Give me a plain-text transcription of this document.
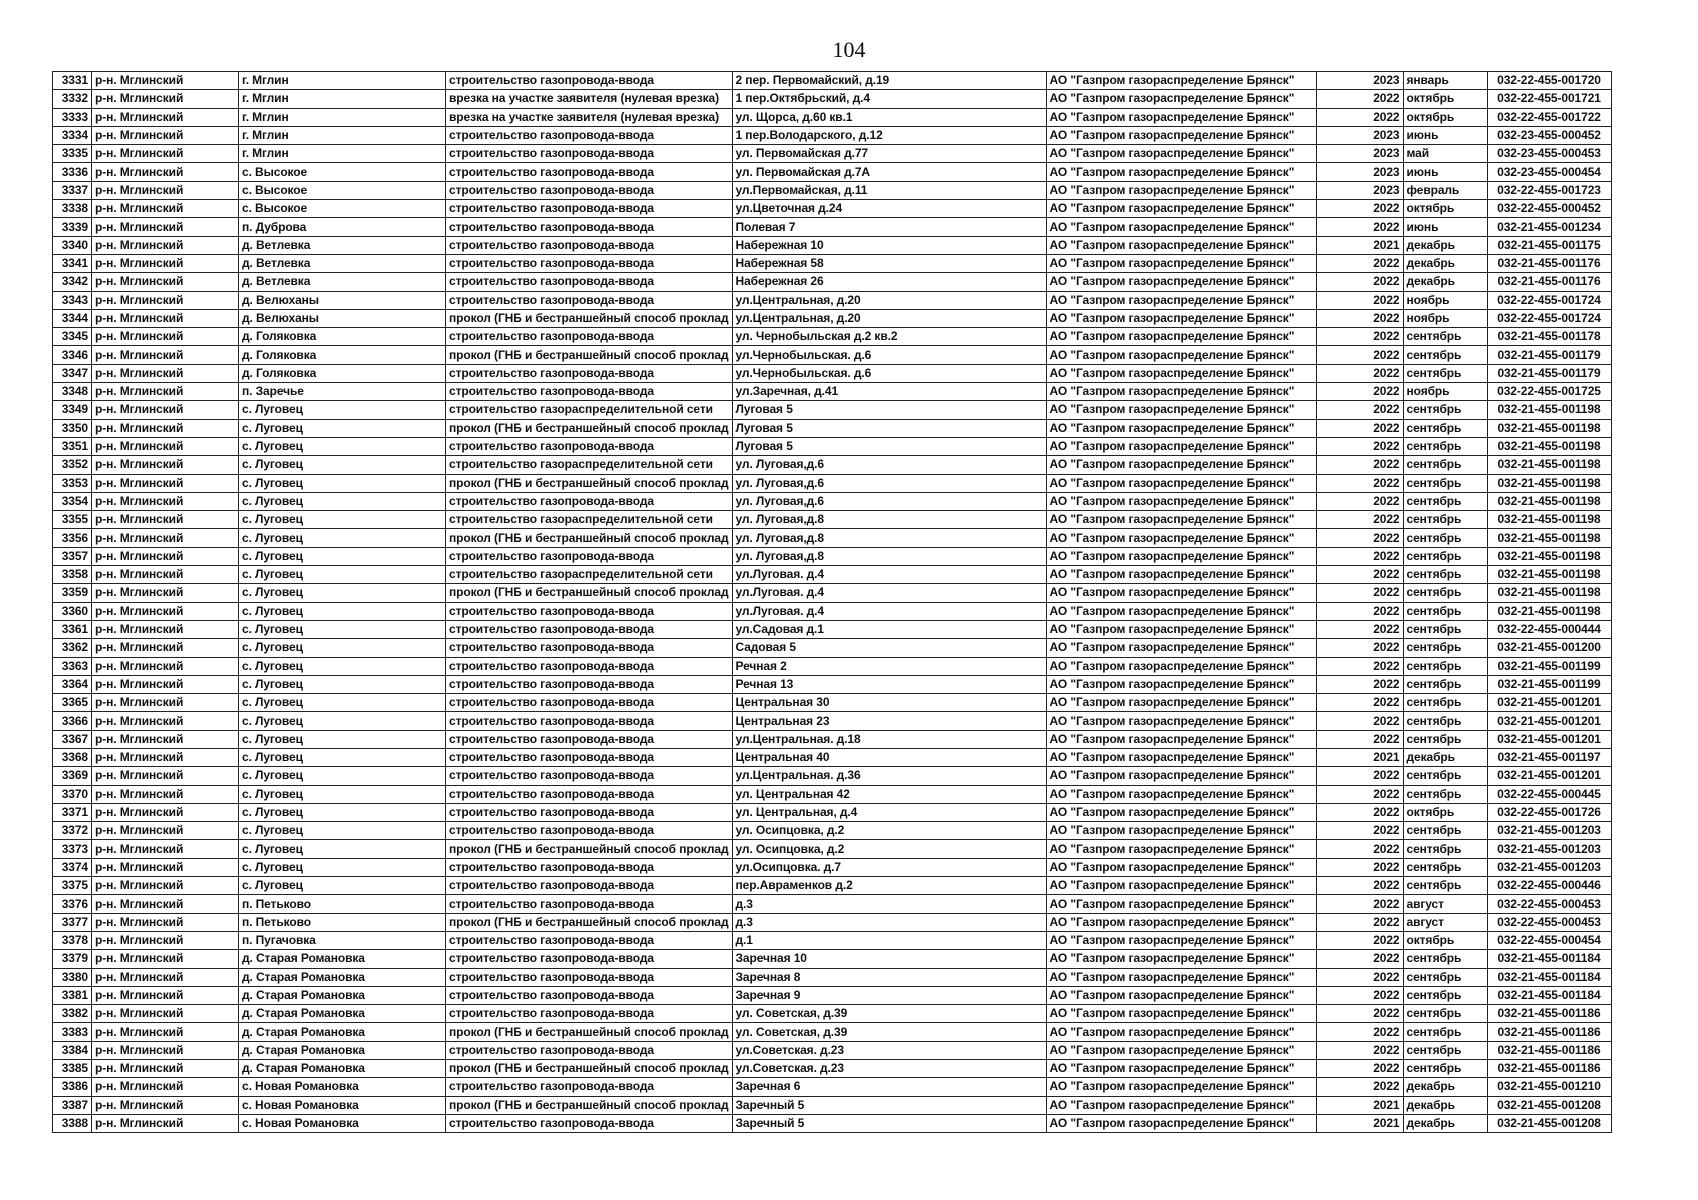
104
3331	р-н. Мглинский	г. Мглин	строительство газопровода-ввода	2 пер. Первомайский, д.19	АО "Газпром газораспределение Брянск"	2023	январь	032-22-455-001720
3332	р-н. Мглинский	г. Мглин	врезка на участке заявителя (нулевая врезка)	1 пер.Октябрьский, д.4	АО "Газпром газораспределение Брянск"	2022	октябрь	032-22-455-001721
3333	р-н. Мглинский	г. Мглин	врезка на участке заявителя (нулевая врезка)	ул. Щорса, д.60 кв.1	АО "Газпром газораспределение Брянск"	2022	октябрь	032-22-455-001722
3334	р-н. Мглинский	г. Мглин	строительство газопровода-ввода	1 пер.Володарского, д.12	АО "Газпром газораспределение Брянск"	2023	июнь	032-23-455-000452
3335	р-н. Мглинский	г. Мглин	строительство газопровода-ввода	ул. Первомайская д.77	АО "Газпром газораспределение Брянск"	2023	май	032-23-455-000453
3336	р-н. Мглинский	с. Высокое	строительство газопровода-ввода	ул. Первомайская д.7А	АО "Газпром газораспределение Брянск"	2023	июнь	032-23-455-000454
3337	р-н. Мглинский	с. Высокое	строительство газопровода-ввода	ул.Первомайская, д.11	АО "Газпром газораспределение Брянск"	2023	февраль	032-22-455-001723
3338	р-н. Мглинский	с. Высокое	строительство газопровода-ввода	ул.Цветочная д.24	АО "Газпром газораспределение Брянск"	2022	октябрь	032-22-455-000452
3339	р-н. Мглинский	п. Дуброва	строительство газопровода-ввода	Полевая 7	АО "Газпром газораспределение Брянск"	2022	июнь	032-21-455-001234
3340	р-н. Мглинский	д. Ветлевка	строительство газопровода-ввода	Набережная 10	АО "Газпром газораспределение Брянск"	2021	декабрь	032-21-455-001175
3341	р-н. Мглинский	д. Ветлевка	строительство газопровода-ввода	Набережная 58	АО "Газпром газораспределение Брянск"	2022	декабрь	032-21-455-001176
3342	р-н. Мглинский	д. Ветлевка	строительство газопровода-ввода	Набережная 26	АО "Газпром газораспределение Брянск"	2022	декабрь	032-21-455-001176
3343	р-н. Мглинский	д. Велюханы	строительство газопровода-ввода	ул.Центральная, д.20	АО "Газпром газораспределение Брянск"	2022	ноябрь	032-22-455-001724
3344	р-н. Мглинский	д. Велюханы	прокол (ГНБ и бестраншейный способ проклад	ул.Центральная, д.20	АО "Газпром газораспределение Брянск"	2022	ноябрь	032-22-455-001724
3345	р-н. Мглинский	д. Голяковка	строительство газопровода-ввода	ул. Чернобыльская д.2 кв.2	АО "Газпром газораспределение Брянск"	2022	сентябрь	032-21-455-001178
3346	р-н. Мглинский	д. Голяковка	прокол (ГНБ и бестраншейный способ проклад	ул.Чернобыльская. д.6	АО "Газпром газораспределение Брянск"	2022	сентябрь	032-21-455-001179
3347	р-н. Мглинский	д. Голяковка	строительство газопровода-ввода	ул.Чернобыльская. д.6	АО "Газпром газораспределение Брянск"	2022	сентябрь	032-21-455-001179
3348	р-н. Мглинский	п. Заречье	строительство газопровода-ввода	ул.Заречная, д.41	АО "Газпром газораспределение Брянск"	2022	ноябрь	032-22-455-001725
3349	р-н. Мглинский	с. Луговец	строительство газораспределительной сети	Луговая 5	АО "Газпром газораспределение Брянск"	2022	сентябрь	032-21-455-001198
3350	р-н. Мглинский	с. Луговец	прокол (ГНБ и бестраншейный способ проклад	Луговая 5	АО "Газпром газораспределение Брянск"	2022	сентябрь	032-21-455-001198
3351	р-н. Мглинский	с. Луговец	строительство газопровода-ввода	Луговая 5	АО "Газпром газораспределение Брянск"	2022	сентябрь	032-21-455-001198
3352	р-н. Мглинский	с. Луговец	строительство газораспределительной сети	ул. Луговая,д.6	АО "Газпром газораспределение Брянск"	2022	сентябрь	032-21-455-001198
3353	р-н. Мглинский	с. Луговец	прокол (ГНБ и бестраншейный способ проклад	ул. Луговая,д.6	АО "Газпром газораспределение Брянск"	2022	сентябрь	032-21-455-001198
3354	р-н. Мглинский	с. Луговец	строительство газопровода-ввода	ул. Луговая,д.6	АО "Газпром газораспределение Брянск"	2022	сентябрь	032-21-455-001198
3355	р-н. Мглинский	с. Луговец	строительство газораспределительной сети	ул. Луговая,д.8	АО "Газпром газораспределение Брянск"	2022	сентябрь	032-21-455-001198
3356	р-н. Мглинский	с. Луговец	прокол (ГНБ и бестраншейный способ проклад	ул. Луговая,д.8	АО "Газпром газораспределение Брянск"	2022	сентябрь	032-21-455-001198
3357	р-н. Мглинский	с. Луговец	строительство газопровода-ввода	ул. Луговая,д.8	АО "Газпром газораспределение Брянск"	2022	сентябрь	032-21-455-001198
3358	р-н. Мглинский	с. Луговец	строительство газораспределительной сети	ул.Луговая. д.4	АО "Газпром газораспределение Брянск"	2022	сентябрь	032-21-455-001198
3359	р-н. Мглинский	с. Луговец	прокол (ГНБ и бестраншейный способ проклад	ул.Луговая. д.4	АО "Газпром газораспределение Брянск"	2022	сентябрь	032-21-455-001198
3360	р-н. Мглинский	с. Луговец	строительство газопровода-ввода	ул.Луговая. д.4	АО "Газпром газораспределение Брянск"	2022	сентябрь	032-21-455-001198
3361	р-н. Мглинский	с. Луговец	строительство газопровода-ввода	ул.Садовая д.1	АО "Газпром газораспределение Брянск"	2022	сентябрь	032-22-455-000444
3362	р-н. Мглинский	с. Луговец	строительство газопровода-ввода	Садовая 5	АО "Газпром газораспределение Брянск"	2022	сентябрь	032-21-455-001200
3363	р-н. Мглинский	с. Луговец	строительство газопровода-ввода	Речная 2	АО "Газпром газораспределение Брянск"	2022	сентябрь	032-21-455-001199
3364	р-н. Мглинский	с. Луговец	строительство газопровода-ввода	Речная 13	АО "Газпром газораспределение Брянск"	2022	сентябрь	032-21-455-001199
3365	р-н. Мглинский	с. Луговец	строительство газопровода-ввода	Центральная 30	АО "Газпром газораспределение Брянск"	2022	сентябрь	032-21-455-001201
3366	р-н. Мглинский	с. Луговец	строительство газопровода-ввода	Центральная 23	АО "Газпром газораспределение Брянск"	2022	сентябрь	032-21-455-001201
3367	р-н. Мглинский	с. Луговец	строительство газопровода-ввода	ул.Центральная. д.18	АО "Газпром газораспределение Брянск"	2022	сентябрь	032-21-455-001201
3368	р-н. Мглинский	с. Луговец	строительство газопровода-ввода	Центральная 40	АО "Газпром газораспределение Брянск"	2021	декабрь	032-21-455-001197
3369	р-н. Мглинский	с. Луговец	строительство газопровода-ввода	ул.Центральная. д.36	АО "Газпром газораспределение Брянск"	2022	сентябрь	032-21-455-001201
3370	р-н. Мглинский	с. Луговец	строительство газопровода-ввода	ул. Центральная 42	АО "Газпром газораспределение Брянск"	2022	сентябрь	032-22-455-000445
3371	р-н. Мглинский	с. Луговец	строительство газопровода-ввода	ул. Центральная, д.4	АО "Газпром газораспределение Брянск"	2022	октябрь	032-22-455-001726
3372	р-н. Мглинский	с. Луговец	строительство газопровода-ввода	ул. Осипцовка, д.2	АО "Газпром газораспределение Брянск"	2022	сентябрь	032-21-455-001203
3373	р-н. Мглинский	с. Луговец	прокол (ГНБ и бестраншейный способ проклад	ул. Осипцовка, д.2	АО "Газпром газораспределение Брянск"	2022	сентябрь	032-21-455-001203
3374	р-н. Мглинский	с. Луговец	строительство газопровода-ввода	ул.Осипцовка. д.7	АО "Газпром газораспределение Брянск"	2022	сентябрь	032-21-455-001203
3375	р-н. Мглинский	с. Луговец	строительство газопровода-ввода	пер.Авраменков д.2	АО "Газпром газораспределение Брянск"	2022	сентябрь	032-22-455-000446
3376	р-н. Мглинский	п. Петьково	строительство газопровода-ввода	д.3	АО "Газпром газораспределение Брянск"	2022	август	032-22-455-000453
3377	р-н. Мглинский	п. Петьково	прокол (ГНБ и бестраншейный способ проклад	д.3	АО "Газпром газораспределение Брянск"	2022	август	032-22-455-000453
3378	р-н. Мглинский	п. Пугачовка	строительство газопровода-ввода	д.1	АО "Газпром газораспределение Брянск"	2022	октябрь	032-22-455-000454
3379	р-н. Мглинский	д. Старая Романовка	строительство газопровода-ввода	Заречная 10	АО "Газпром газораспределение Брянск"	2022	сентябрь	032-21-455-001184
3380	р-н. Мглинский	д. Старая Романовка	строительство газопровода-ввода	Заречная 8	АО "Газпром газораспределение Брянск"	2022	сентябрь	032-21-455-001184
3381	р-н. Мглинский	д. Старая Романовка	строительство газопровода-ввода	Заречная 9	АО "Газпром газораспределение Брянск"	2022	сентябрь	032-21-455-001184
3382	р-н. Мглинский	д. Старая Романовка	строительство газопровода-ввода	ул. Советская, д.39	АО "Газпром газораспределение Брянск"	2022	сентябрь	032-21-455-001186
3383	р-н. Мглинский	д. Старая Романовка	прокол (ГНБ и бестраншейный способ проклад	ул. Советская, д.39	АО "Газпром газораспределение Брянск"	2022	сентябрь	032-21-455-001186
3384	р-н. Мглинский	д. Старая Романовка	строительство газопровода-ввода	ул.Советская. д.23	АО "Газпром газораспределение Брянск"	2022	сентябрь	032-21-455-001186
3385	р-н. Мглинский	д. Старая Романовка	прокол (ГНБ и бестраншейный способ проклад	ул.Советская. д.23	АО "Газпром газораспределение Брянск"	2022	сентябрь	032-21-455-001186
3386	р-н. Мглинский	с. Новая Романовка	строительство газопровода-ввода	Заречная 6	АО "Газпром газораспределение Брянск"	2022	декабрь	032-21-455-001210
3387	р-н. Мглинский	с. Новая Романовка	прокол (ГНБ и бестраншейный способ проклад	Заречный 5	АО "Газпром газораспределение Брянск"	2021	декабрь	032-21-455-001208
3388	р-н. Мглинский	с. Новая Романовка	строительство газопровода-ввода	Заречный 5	АО "Газпром газораспределение Брянск"	2021	декабрь	032-21-455-001208
